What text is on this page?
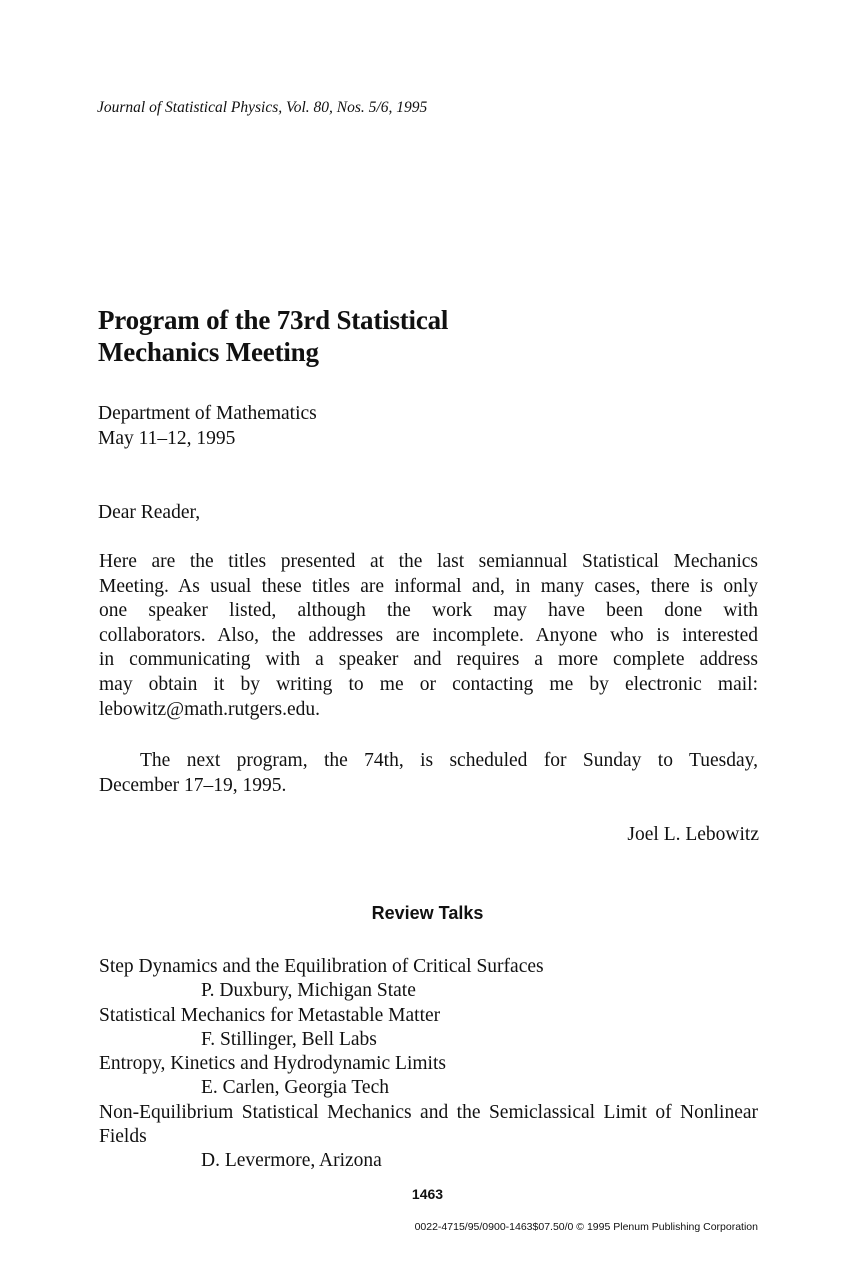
Journal of Statistical Physics, Vol. 80, Nos. 5/6, 1995
Program of the 73rd Statistical
Mechanics Meeting
Department of Mathematics
May 11–12, 1995
Dear Reader,
Here are the titles presented at the last semiannual Statistical Mechanics
Meeting. As usual these titles are informal and, in many cases, there is only
one speaker listed, although the work may have been done with
collaborators. Also, the addresses are incomplete. Anyone who is interested
in communicating with a speaker and requires a more complete address
may obtain it by writing to me or contacting me by electronic mail:
lebowitz@math.rutgers.edu.
The next program, the 74th, is scheduled for Sunday to Tuesday,
December 17–19, 1995.
Joel L. Lebowitz
Review Talks
Step Dynamics and the Equilibration of Critical Surfaces
P. Duxbury, Michigan State
Statistical Mechanics for Metastable Matter
F. Stillinger, Bell Labs
Entropy, Kinetics and Hydrodynamic Limits
E. Carlen, Georgia Tech
Non-Equilibrium Statistical Mechanics and the Semiclassical Limit of Nonlinear Fields
D. Levermore, Arizona
1463
0022-4715/95/0900-1463$07.50/0 © 1995 Plenum Publishing Corporation
